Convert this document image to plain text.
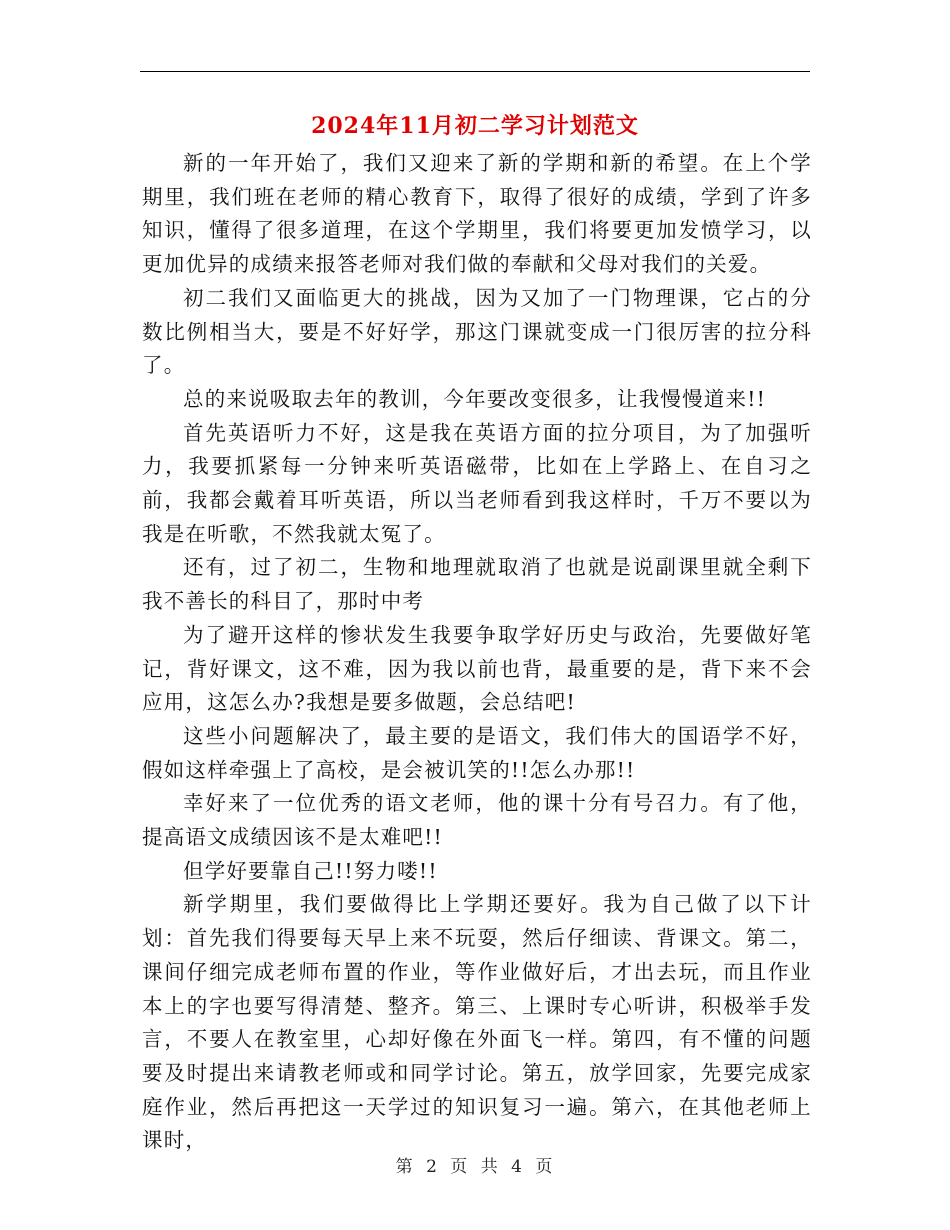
2024年11月初二学习计划范文

新的一年开始了，我们又迎来了新的学期和新的希望。在上个学期里，我们班在老师的精心教育下，取得了很好的成绩，学到了许多知识，懂得了很多道理，在这个学期里，我们将要更加发愤学习，以更加优异的成绩来报答老师对我们做的奉献和父母对我们的关爱。

初二我们又面临更大的挑战，因为又加了一门物理课，它占的分数比例相当大，要是不好好学，那这门课就变成一门很厉害的拉分科了。

总的来说吸取去年的教训，今年要改变很多，让我慢慢道来!!

首先英语听力不好，这是我在英语方面的拉分项目，为了加强听力，我要抓紧每一分钟来听英语磁带，比如在上学路上、在自习之前，我都会戴着耳听英语，所以当老师看到我这样时，千万不要以为我是在听歌，不然我就太冤了。

还有，过了初二，生物和地理就取消了也就是说副课里就全剩下我不善长的科目了，那时中考

为了避开这样的惨状发生我要争取学好历史与政治，先要做好笔记，背好课文，这不难，因为我以前也背，最重要的是，背下来不会应用，这怎么办?我想是要多做题，会总结吧!

这些小问题解决了，最主要的是语文，我们伟大的国语学不好，假如这样牵强上了高校，是会被讥笑的!!怎么办那!!

幸好来了一位优秀的语文老师，他的课十分有号召力。有了他，提高语文成绩因该不是太难吧!!

但学好要靠自己!!努力喽!!

新学期里，我们要做得比上学期还要好。我为自己做了以下计划：首先我们得要每天早上来不玩耍，然后仔细读、背课文。第二，课间仔细完成老师布置的作业，等作业做好后，才出去玩，而且作业本上的字也要写得清楚、整齐。第三、上课时专心听讲，积极举手发言，不要人在教室里，心却好像在外面飞一样。第四，有不懂的问题要及时提出来请教老师或和同学讨论。第五，放学回家，先要完成家庭作业，然后再把这一天学过的知识复习一遍。第六，在其他老师上课时，

第 2 页 共 4 页
